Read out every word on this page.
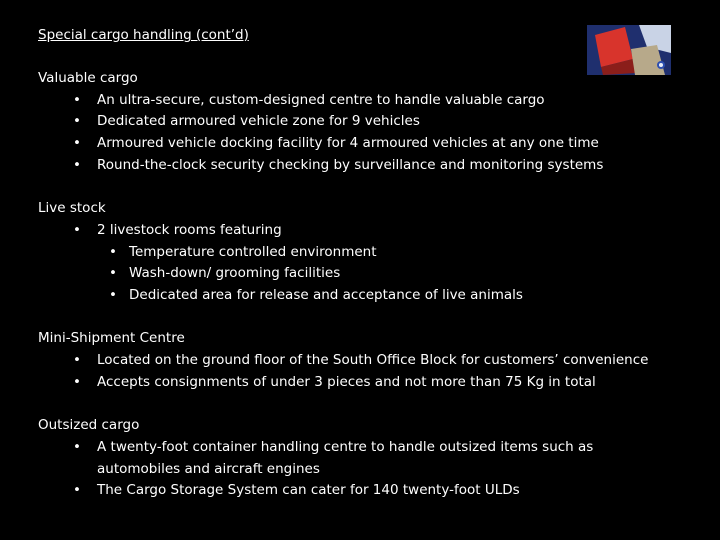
Special cargo handling (cont’d)
Valuable cargo
• An ultra-secure, custom-designed centre to handle valuable cargo
• Dedicated armoured vehicle zone for 9 vehicles
• Armoured vehicle docking facility for 4 armoured vehicles at any one time
• Round-the-clock security checking by surveillance and monitoring systems
Live stock
• 2 livestock rooms featuring
• Temperature controlled environment
• Wash-down/ grooming facilities
• Dedicated area for release and acceptance of live animals
Mini-Shipment Centre
• Located on the ground floor of the South Office Block for customers’ convenience
• Accepts consignments of under 3 pieces and not more than 75 Kg in total
Outsized cargo
• A twenty-foot container handling centre to handle outsized items such as automobiles and aircraft engines
• The Cargo Storage System can cater for 140 twenty-foot ULDs
